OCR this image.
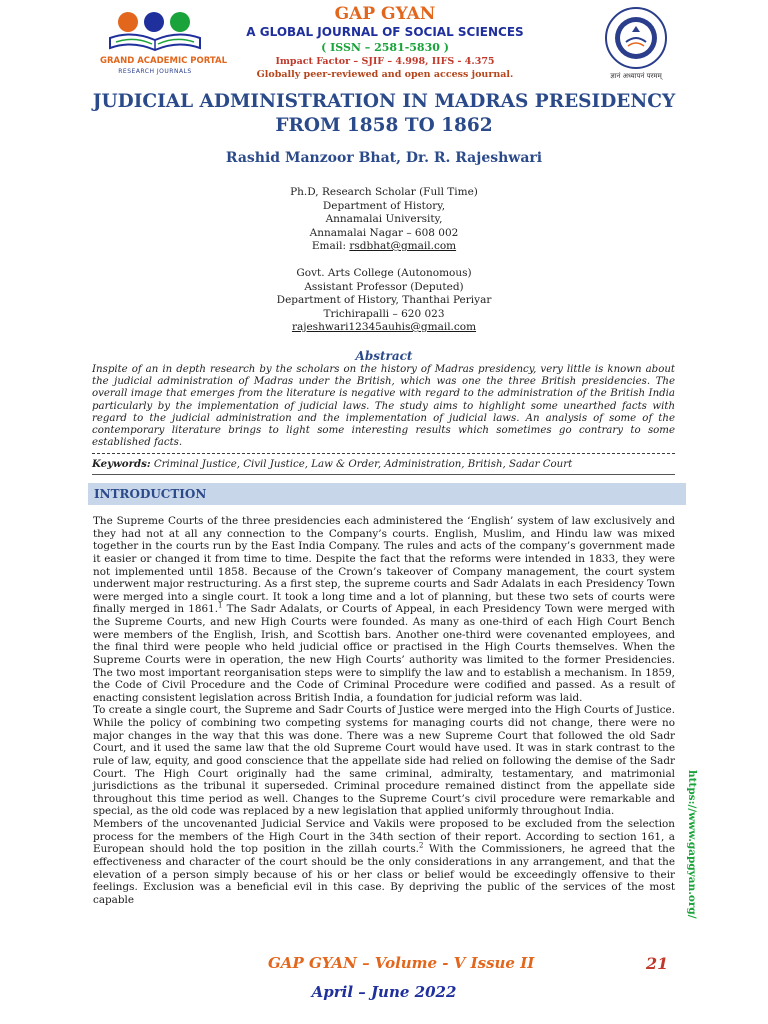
GRAND ACADEMIC PORTAL
RESEARCH JOURNALS
GAP GYAN
A GLOBAL JOURNAL OF SOCIAL SCIENCES
( ISSN – 2581-5830 )
Impact Factor – SJIF – 4.998, IIFS - 4.375
Globally peer-reviewed and open access journal.	ज्ञानं अध्यापनं परमम्
JUDICIAL ADMINISTRATION IN MADRAS PRESIDENCY
FROM 1858 TO 1862
Rashid Manzoor Bhat, Dr. R. Rajeshwari
Ph.D, Research Scholar (Full Time)
Department of History,
Annamalai University,
Annamalai Nagar – 608 002
Email: rsdbhat@gmail.com
Govt. Arts College (Autonomous)
Assistant Professor (Deputed)
Department of History, Thanthai Periyar
Trichirapalli – 620 023
rajeshwari12345auhis@gmail.com
Abstract
Inspite of an in depth research by the scholars on the history of Madras presidency, very little is known about the judicial administration of Madras under the British, which was one the three British presidencies. The overall image that emerges from the literature is negative with regard to the administration of the British India particularly by the implementation of judicial laws. The study aims to highlight some unearthed facts with regard to the judicial administration and the implementation of judicial laws. An analysis of some of the contemporary literature brings to light some interesting results which sometimes go contrary to some established facts.
Keywords: Criminal Justice, Civil Justice, Law & Order, Administration, British, Sadar Court
INTRODUCTION

The Supreme Courts of the three presidencies each administered the ‘English’ system of law exclusively and they had not at all any connection to the Company’s courts. English, Muslim, and Hindu law was mixed together in the courts run by the East India Company. The rules and acts of the company’s government made it easier or changed it from time to time. Despite the fact that the reforms were intended in 1833, they were not implemented until 1858. Because of the Crown’s takeover of Company management, the court system underwent major restructuring. As a first step, the supreme courts and Sadr Adalats in each Presidency Town were merged into a single court. It took a long time and a lot of planning, but these two sets of courts were finally merged in 1861.$^1$ The Sadr Adalats, or Courts of Appeal, in each Presidency Town were merged with the Supreme Courts, and new High Courts were founded. As many as one-third of each High Court Bench were members of the English, Irish, and Scottish bars. Another one-third were covenanted employees, and the final third were people who held judicial office or practised in the High Courts themselves. When the Supreme Courts were in operation, the new High Courts’ authority was limited to the former Presidencies. The two most important reorganisation steps were to simplify the law and to establish a mechanism. In 1859, the Code of Civil Procedure and the Code of Criminal Procedure were codified and passed. As a result of enacting consistent legislation across British India, a foundation for judicial reform was laid.

To create a single court, the Supreme and Sadr Courts of Justice were merged into the High Courts of Justice. While the policy of combining two competing systems for managing courts did not change, there were no major changes in the way that this was done. There was a new Supreme Court that followed the old Sadr Court, and it used the same law that the old Supreme Court would have used. It was in stark contrast to the rule of law, equity, and good conscience that the appellate side had relied on following the demise of the Sadr Court. The High Court originally had the same criminal, admiralty, testamentary, and matrimonial jurisdictions as the tribunal it superseded. Criminal procedure remained distinct from the appellate side throughout this time period as well. Changes to the Supreme Court’s civil procedure were remarkable and special, as the old code was replaced by a new legislation that applied uniformly throughout India.

Members of the uncovenanted Judicial Service and Vakils were proposed to be excluded from the selection process for the members of the High Court in the 34th section of their report. According to section 161, a European should hold the top position in the zillah courts.$^2$ With the Commissioners, he agreed that the effectiveness and character of the court should be the only considerations in any arrangement, and that the elevation of a person simply because of his or her class or belief would be exceedingly offensive to their feelings. Exclusion was a beneficial evil in this case. By depriving the public of the services of the most capable	https://www.gapgyan.org/
GAP GYAN – Volume - V Issue II	21
April – June 2022
